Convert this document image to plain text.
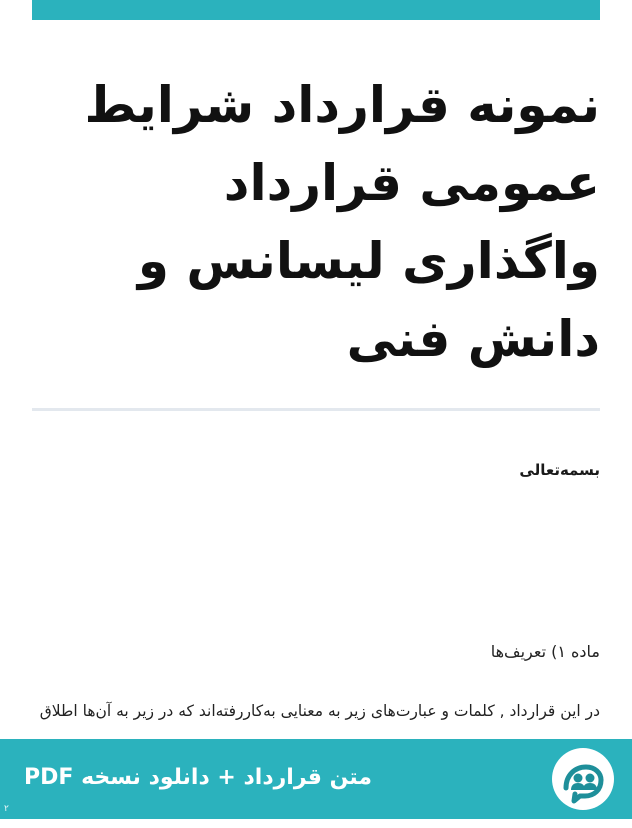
نمونه قرارداد شرایط عمومی قرارداد واگذاری لیسانس و دانش فنی
بسمه‌تعالی
ماده ۱) تعریف‌ها

در این قرارداد , کلمات و عبارت‌های زیر به معنایی به‌کاررفته‌اند که در زیر به آن‌ها اطلاق

متن قرارداد + دانلود نسخه PDF
٢
